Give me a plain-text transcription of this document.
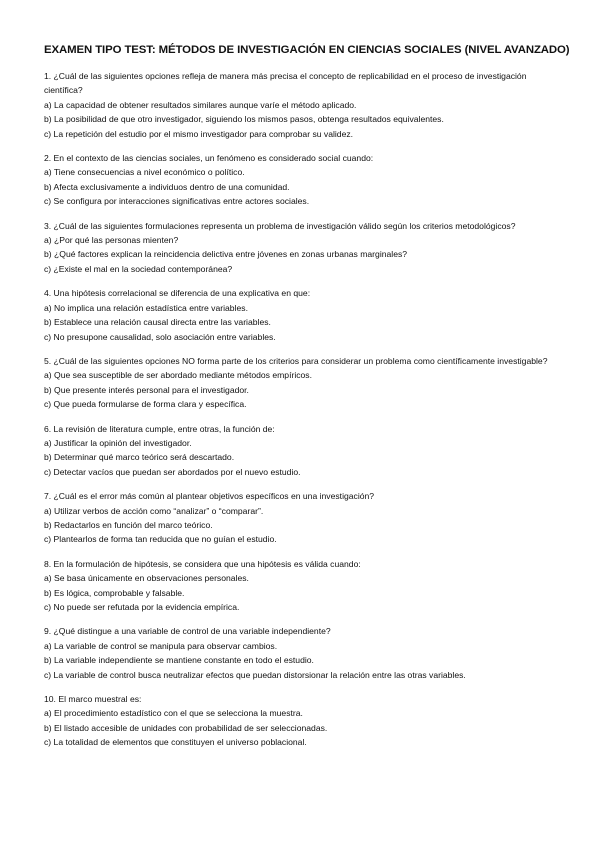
EXAMEN TIPO TEST: MÉTODOS DE INVESTIGACIÓN EN CIENCIAS SOCIALES (NIVEL AVANZADO)

1. ¿Cuál de las siguientes opciones refleja de manera más precisa el concepto de replicabilidad en el proceso de investigación científica?

a) La capacidad de obtener resultados similares aunque varíe el método aplicado.

b) La posibilidad de que otro investigador, siguiendo los mismos pasos, obtenga resultados equivalentes.

c) La repetición del estudio por el mismo investigador para comprobar su validez.

2. En el contexto de las ciencias sociales, un fenómeno es considerado social cuando:

a) Tiene consecuencias a nivel económico o político.

b) Afecta exclusivamente a individuos dentro de una comunidad.

c) Se configura por interacciones significativas entre actores sociales.

3. ¿Cuál de las siguientes formulaciones representa un problema de investigación válido según los criterios metodológicos?

a) ¿Por qué las personas mienten?

b) ¿Qué factores explican la reincidencia delictiva entre jóvenes en zonas urbanas marginales?

c) ¿Existe el mal en la sociedad contemporánea?

4. Una hipótesis correlacional se diferencia de una explicativa en que:

a) No implica una relación estadística entre variables.

b) Establece una relación causal directa entre las variables.

c) No presupone causalidad, solo asociación entre variables.

5. ¿Cuál de las siguientes opciones NO forma parte de los criterios para considerar un problema como científicamente investigable?

a) Que sea susceptible de ser abordado mediante métodos empíricos.

b) Que presente interés personal para el investigador.

c) Que pueda formularse de forma clara y específica.

6. La revisión de literatura cumple, entre otras, la función de:

a) Justificar la opinión del investigador.

b) Determinar qué marco teórico será descartado.

c) Detectar vacíos que puedan ser abordados por el nuevo estudio.

7. ¿Cuál es el error más común al plantear objetivos específicos en una investigación?

a) Utilizar verbos de acción como “analizar” o “comparar”.

b) Redactarlos en función del marco teórico.

c) Plantearlos de forma tan reducida que no guían el estudio.

8. En la formulación de hipótesis, se considera que una hipótesis es válida cuando:

a) Se basa únicamente en observaciones personales.

b) Es lógica, comprobable y falsable.

c) No puede ser refutada por la evidencia empírica.

9. ¿Qué distingue a una variable de control de una variable independiente?

a) La variable de control se manipula para observar cambios.

b) La variable independiente se mantiene constante en todo el estudio.

c) La variable de control busca neutralizar efectos que puedan distorsionar la relación entre las otras variables.

10. El marco muestral es:

a) El procedimiento estadístico con el que se selecciona la muestra.

b) El listado accesible de unidades con probabilidad de ser seleccionadas.

c) La totalidad de elementos que constituyen el universo poblacional.
